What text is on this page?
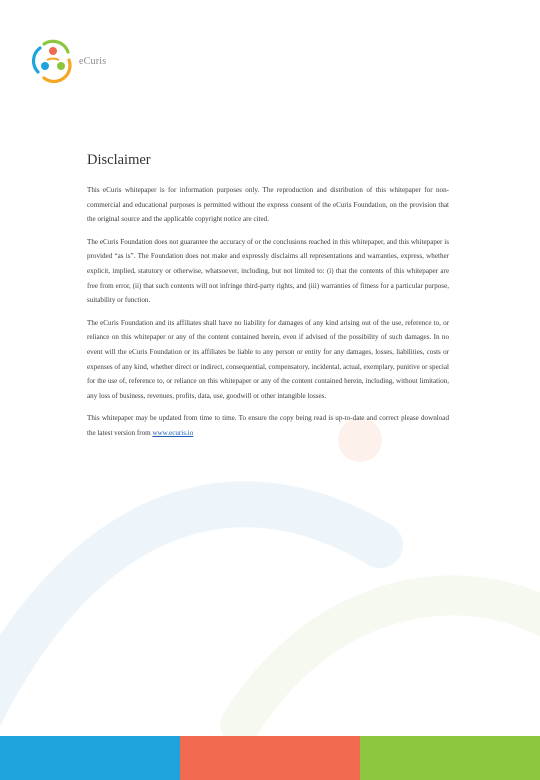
eCuris
Disclaimer

This eCuris whitepaper is for information purposes only. The reproduction and distribution of this whitepaper for non-commercial and educational purposes is permitted without the express consent of the eCuris Foundation, on the provision that the original source and the applicable copyright notice are cited.

The eCuris Foundation does not guarantee the accuracy of or the conclusions reached in this whitepaper, and this whitepaper is provided “as is”. The Foundation does not make and expressly disclaims all representations and warranties, express, whether explicit, implied, statutory or otherwise, whatsoever, including, but not limited to: (i) that the contents of this whitepaper are free from error, (ii) that such contents will not infringe third-party rights, and (iii) warranties of fitness for a particular purpose, suitability or function.

The eCuris Foundation and its affiliates shall have no liability for damages of any kind arising out of the use, reference to, or reliance on this whitepaper or any of the content contained herein, even if advised of the possibility of such damages. In no event will the eCuris Foundation or its affiliates be liable to any person or entity for any damages, losses, liabilities, costs or expenses of any kind, whether direct or indirect, consequential, compensatory, incidental, actual, exemplary, punitive or special for the use of, reference to, or reliance on this whitepaper or any of the content contained herein, including, without limitation, any loss of business, revenues, profits, data, use, goodwill or other intangible losses.

This whitepaper may be updated from time to time. To ensure the copy being read is up-to-date and correct please download the latest version from www.ecuris.io
